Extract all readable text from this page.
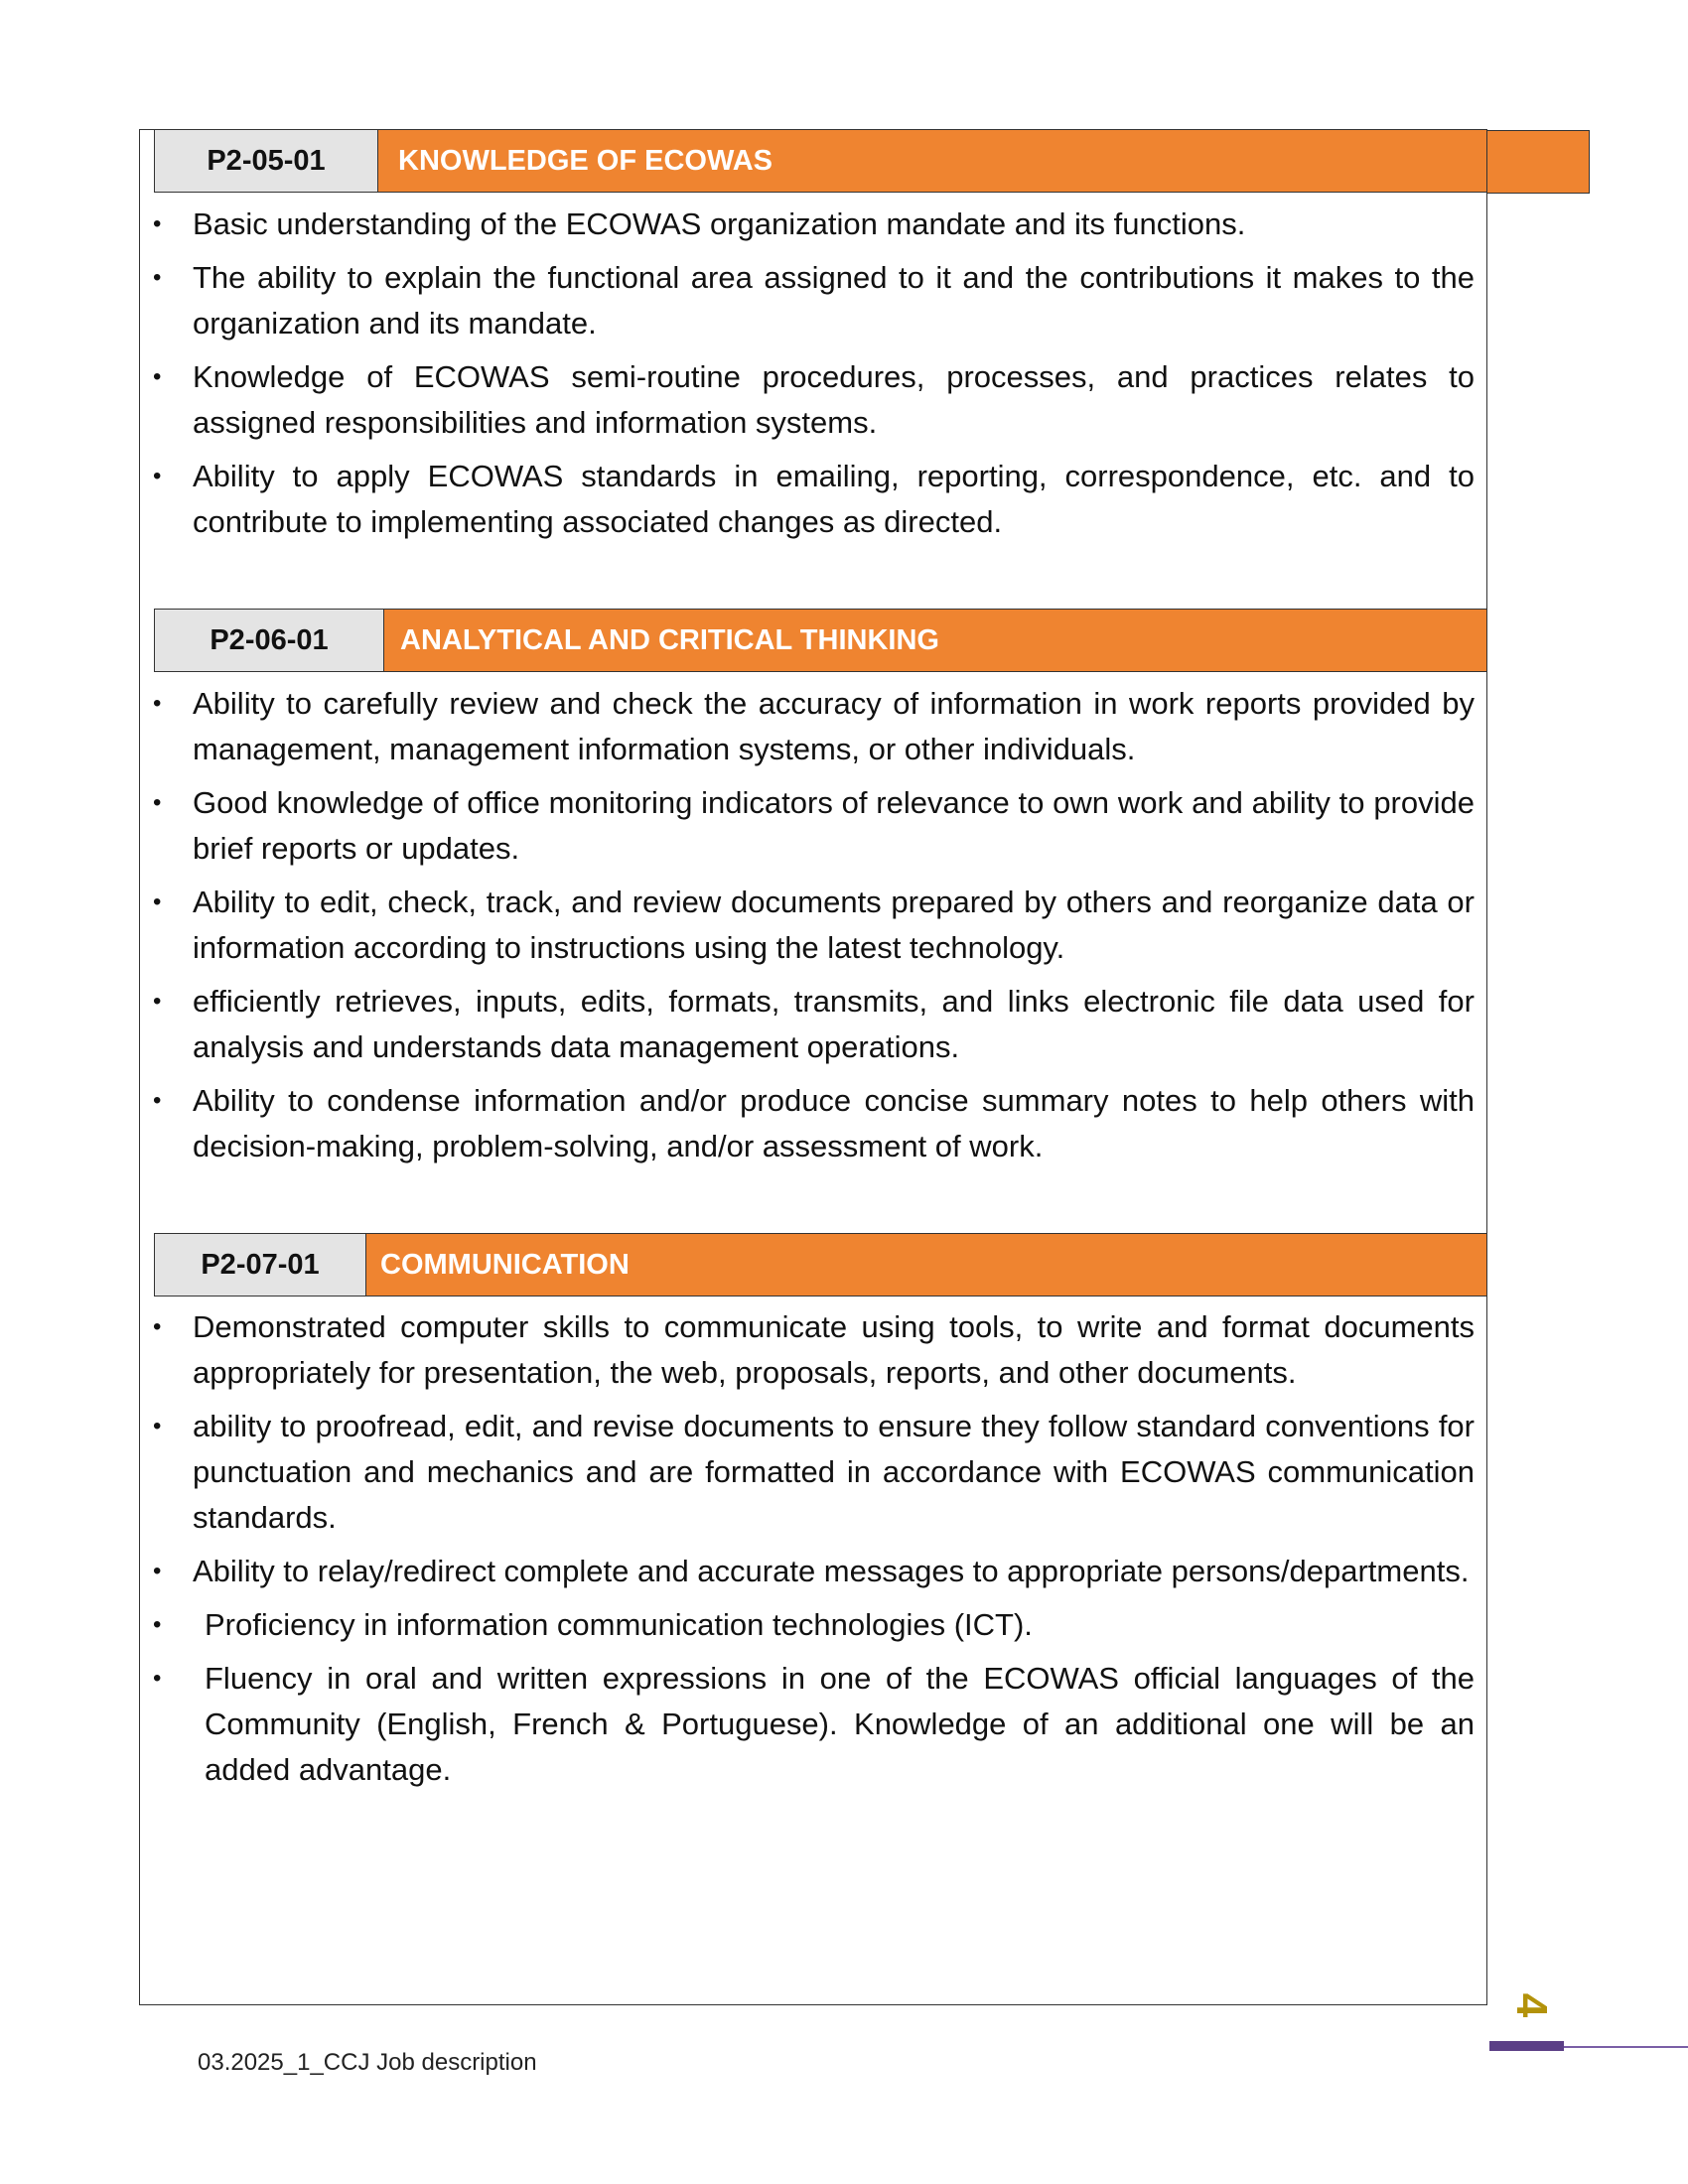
P2-05-01	KNOWLEDGE OF ECOWAS
• Basic understanding of the ECOWAS organization mandate and its functions.
• The ability to explain the functional area assigned to it and the contributions it makes to the organization and its mandate.
• Knowledge of ECOWAS semi-routine procedures, processes, and practices relates to assigned responsibilities and information systems.
• Ability to apply ECOWAS standards in emailing, reporting, correspondence, etc. and to contribute to implementing associated changes as directed.
P2-06-01	ANALYTICAL AND CRITICAL THINKING
• Ability to carefully review and check the accuracy of information in work reports provided by management, management information systems, or other individuals.
• Good knowledge of office monitoring indicators of relevance to own work and ability to provide brief reports or updates.
• Ability to edit, check, track, and review documents prepared by others and reorganize data or information according to instructions using the latest technology.
• efficiently retrieves, inputs, edits, formats, transmits, and links electronic file data used for analysis and understands data management operations.
• Ability to condense information and/or produce concise summary notes to help others with decision-making, problem-solving, and/or assessment of work.
P2-07-01	COMMUNICATION
• Demonstrated computer skills to communicate using tools, to write and format documents appropriately for presentation, the web, proposals, reports, and other documents.
• ability to proofread, edit, and revise documents to ensure they follow standard conventions for punctuation and mechanics and are formatted in accordance with ECOWAS communication standards.
• Ability to relay/redirect complete and accurate messages to appropriate persons/departments.
• Proficiency in information communication technologies (ICT).
• Fluency in oral and written expressions in one of the ECOWAS official languages of the Community (English, French & Portuguese). Knowledge of an additional one will be an added advantage.
4
03.2025_1_CCJ Job description
